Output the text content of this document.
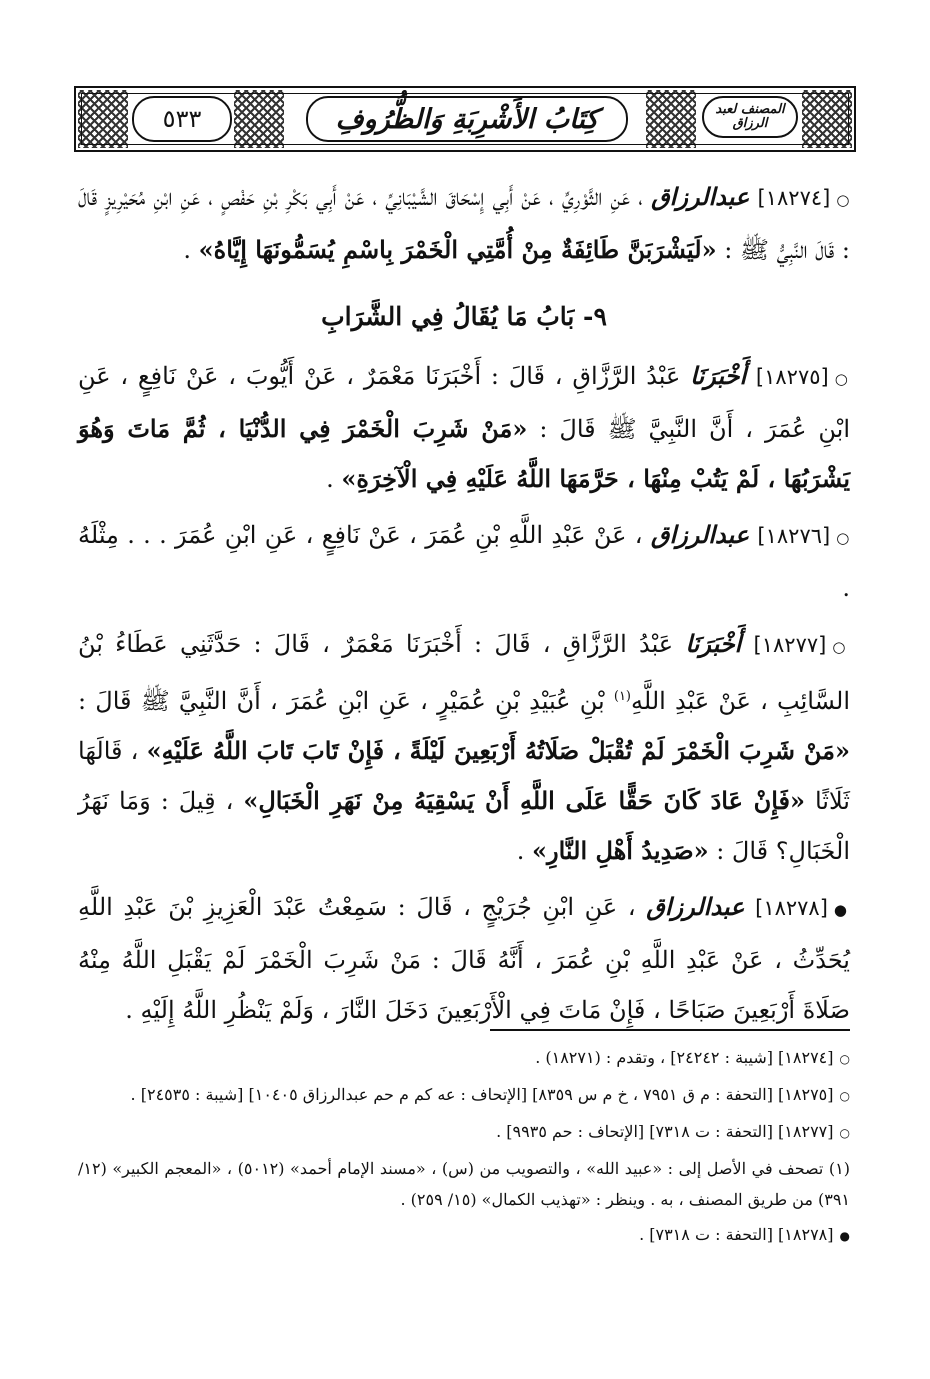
٥٣٣	كِتَابُ الأَشْرِبَةِ وَالظُّرُوفِ	المصنف لعبد الرزاق

○[١٨٢٧٤] عبدالرزاق ، عَنِ الثَّوْرِيِّ ، عَنْ أَبِي إِسْحَاقَ الشَّيْبَانِيِّ ، عَنْ أَبِي بَكْرِ بْنِ حَفْصٍ ، عَنِ ابْنِ مُحَيْرِيزٍ قَالَ : قَالَ النَّبِيُّ ﷺ : «لَيَشْرَبَنَّ طَائِفَةٌ مِنْ أُمَّتِي الْخَمْرَ بِاسْمِ يُسَمُّونَهَا إِيَّاهُ» .

٩- بَابُ مَا يُقَالُ فِي الشَّرَابِ

○[١٨٢٧٥] أَخْبَرَنَا عَبْدُ الرَّزَّاقِ ، قَالَ : أَخْبَرَنَا مَعْمَرٌ ، عَنْ أَيُّوبَ ، عَنْ نَافِعٍ ، عَنِ ابْنِ عُمَرَ ، أَنَّ النَّبِيَّ ﷺ قَالَ : «مَنْ شَرِبَ الْخَمْرَ فِي الدُّنْيَا ، ثُمَّ مَاتَ وَهُوَ يَشْرَبُهَا ، لَمْ يَتُبْ مِنْهَا ، حَرَّمَهَا اللَّهُ عَلَيْهِ فِي الْآخِرَةِ» .

○[١٨٢٧٦] عبدالرزاق ، عَنْ عَبْدِ اللَّهِ بْنِ عُمَرَ ، عَنْ نَافِعٍ ، عَنِ ابْنِ عُمَرَ . . . مِثْلَهُ .

○[١٨٢٧٧] أَخْبَرَنَا عَبْدُ الرَّزَّاقِ ، قَالَ : أَخْبَرَنَا مَعْمَرٌ ، قَالَ : حَدَّثَنِي عَطَاءُ بْنُ السَّائِبِ ، عَنْ عَبْدِ اللَّهِ$^{(١)}$ بْنِ عُبَيْدِ بْنِ عُمَيْرٍ ، عَنِ ابْنِ عُمَرَ ، أَنَّ النَّبِيَّ ﷺ قَالَ : «مَنْ شَرِبَ الْخَمْرَ لَمْ تُقْبَلْ صَلَاتُهُ أَرْبَعِينَ لَيْلَةً ، فَإِنْ تَابَ تَابَ اللَّهُ عَلَيْهِ» ، قَالَهَا ثَلَاثًا «فَإِنْ عَادَ كَانَ حَقًّا عَلَى اللَّهِ أَنْ يَسْقِيَهُ مِنْ نَهَرِ الْخَبَالِ» ، قِيلَ : وَمَا نَهَرُ الْخَبَالِ؟ قَالَ : «صَدِيدُ أَهْلِ النَّارِ» .

●[١٨٢٧٨] عبدالرزاق ، عَنِ ابْنِ جُرَيْجٍ ، قَالَ : سَمِعْتُ عَبْدَ الْعَزِيزِ بْنَ عَبْدِ اللَّهِ يُحَدِّثُ ، عَنْ عَبْدِ اللَّهِ بْنِ عُمَرَ ، أَنَّهُ قَالَ : مَنْ شَرِبَ الْخَمْرَ لَمْ يَقْبَلِ اللَّهُ مِنْهُ صَلَاةَ أَرْبَعِينَ صَبَاحًا ، فَإِنْ مَاتَ فِي الْأَرْبَعِينَ دَخَلَ النَّارَ ، وَلَمْ يَنْظُرِ اللَّهُ إِلَيْهِ .

○[١٨٢٧٤] [شيبة : ٢٤٢٤٢] ، وتقدم : (١٨٢٧١) .

○[١٨٢٧٥] [التحفة : م ق ٧٩٥١ ، خ م س ٨٣٥٩] [الإتحاف : عه كم م حم عبدالرزاق ١٠٤٠٥] [شيبة : ٢٤٥٣٥] .

○[١٨٢٧٧] [التحفة : ت ٧٣١٨] [الإتحاف : حم ٩٩٣٥] .

(١) تصحف في الأصل إلى : «عبيد الله» ، والتصويب من (س) ، «مسند الإمام أحمد» (٥٠١٢) ، «المعجم الكبير» (١٢/ ٣٩١) من طريق المصنف ، به . وينظر : «تهذيب الكمال» (١٥/ ٢٥٩) .

●[١٨٢٧٨] [التحفة : ت ٧٣١٨] .
